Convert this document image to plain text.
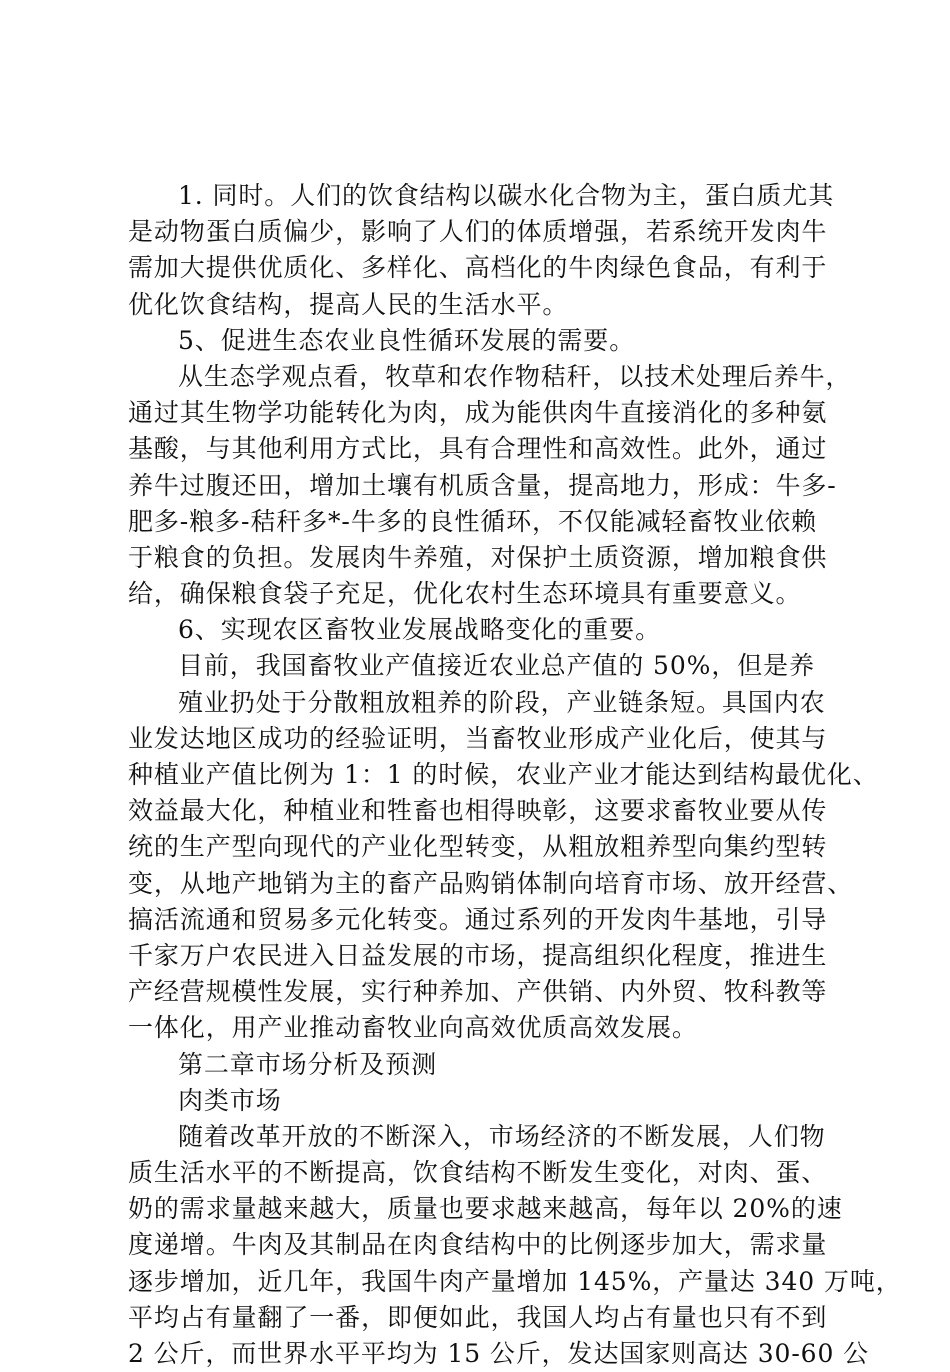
1. 同时。人们的饮食结构以碳水化合物为主，蛋白质尤其
是动物蛋白质偏少，影响了人们的体质增强，若系统开发肉牛
需加大提供优质化、多样化、高档化的牛肉绿色食品，有利于
优化饮食结构，提高人民的生活水平。
5、促进生态农业良性循环发展的需要。
从生态学观点看，牧草和农作物秸秆，以技术处理后养牛，
通过其生物学功能转化为肉，成为能供肉牛直接消化的多种氨
基酸，与其他利用方式比，具有合理性和高效性。此外，通过
养牛过腹还田，增加土壤有机质含量，提高地力，形成：牛多-
肥多-粮多-秸秆多*-牛多的良性循环，不仅能减轻畜牧业依赖
于粮食的负担。发展肉牛养殖，对保护土质资源，增加粮食供
给，确保粮食袋子充足，优化农村生态环境具有重要意义。
6、实现农区畜牧业发展战略变化的重要。
目前，我国畜牧业产值接近农业总产值的 50%，但是养
殖业扔处于分散粗放粗养的阶段，产业链条短。具国内农
业发达地区成功的经验证明，当畜牧业形成产业化后，使其与
种植业产值比例为 1：1 的时候，农业产业才能达到结构最优化、
效益最大化，种植业和牲畜也相得映彰，这要求畜牧业要从传
统的生产型向现代的产业化型转变，从粗放粗养型向集约型转
变，从地产地销为主的畜产品购销体制向培育市场、放开经营、
搞活流通和贸易多元化转变。通过系列的开发肉牛基地，引导
千家万户农民进入日益发展的市场，提高组织化程度，推进生
产经营规模性发展，实行种养加、产供销、内外贸、牧科教等
一体化，用产业推动畜牧业向高效优质高效发展。
第二章市场分析及预测
肉类市场
随着改革开放的不断深入，市场经济的不断发展，人们物
质生活水平的不断提高，饮食结构不断发生变化，对肉、蛋、
奶的需求量越来越大，质量也要求越来越高，每年以 20%的速
度递增。牛肉及其制品在肉食结构中的比例逐步加大，需求量
逐步增加，近几年，我国牛肉产量增加 145%，产量达 340 万吨，
平均占有量翻了一番，即便如此，我国人均占有量也只有不到
2 公斤，而世界水平平均为 15 公斤，发达国家则高达 30-60 公
